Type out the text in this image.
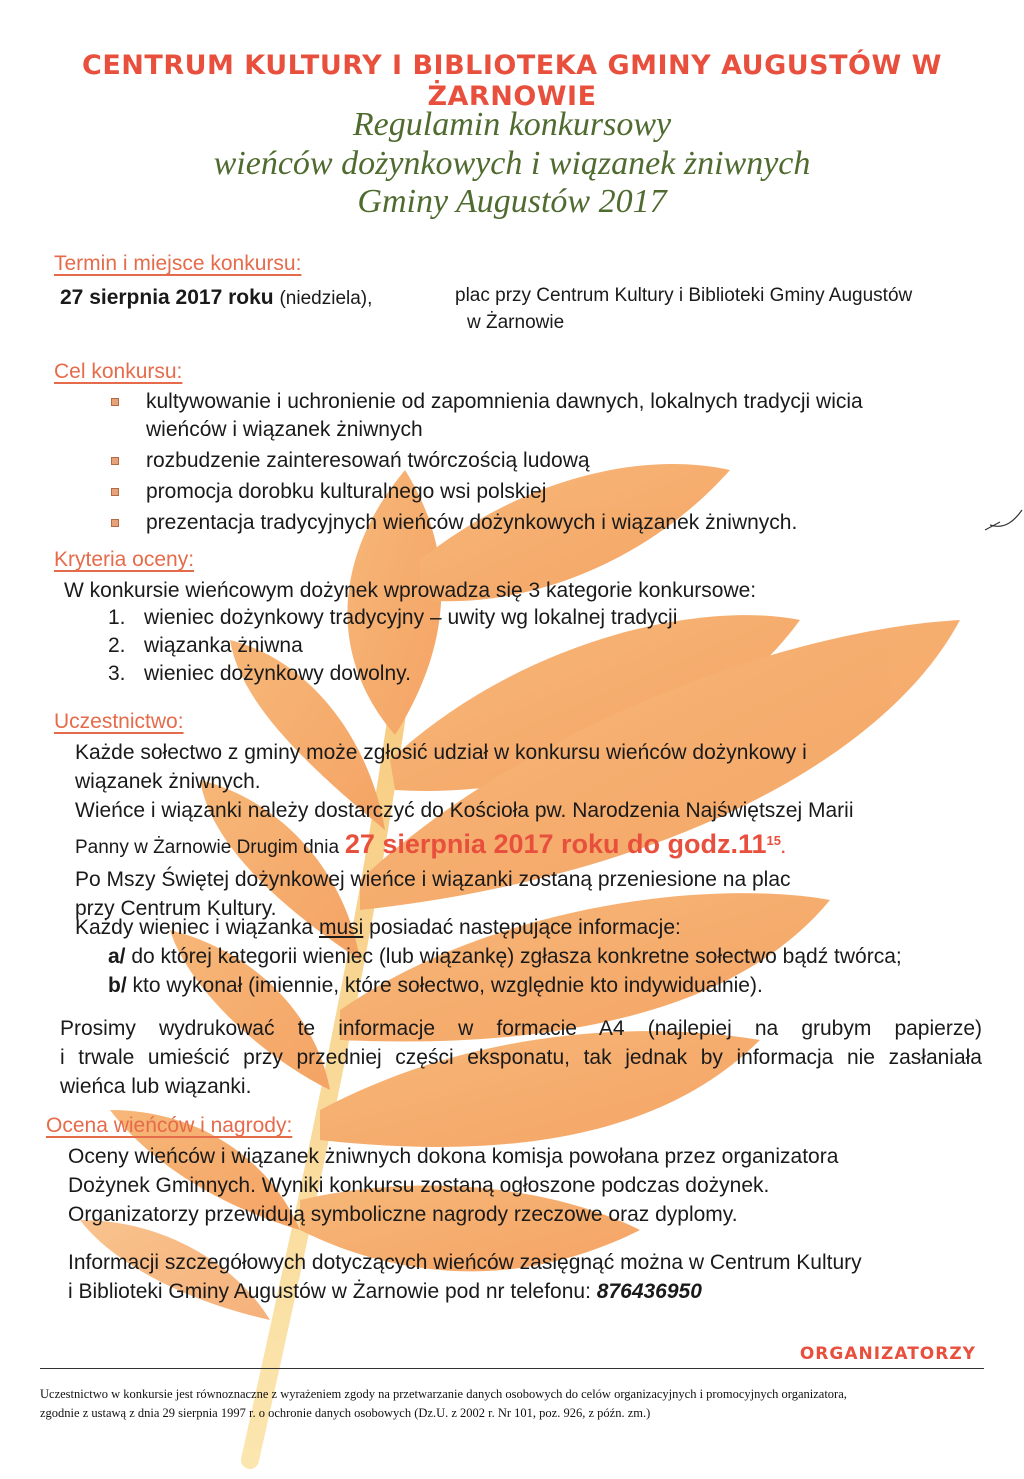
CENTRUM KULTURY I BIBLIOTEKA GMINY AUGUSTÓW W ŻARNOWIE
Regulamin konkursowy
wieńców dożynkowych i wiązanek żniwnych
Gminy Augustów 2017
Termin i miejsce konkursu:
27 sierpnia 2017 roku (niedziela),	plac przy Centrum Kultury i Biblioteki Gminy Augustów
w Żarnowie
Cel konkursu:
kultywowanie i uchronienie od zapomnienia dawnych, lokalnych tradycji wicia
wieńców i wiązanek żniwnych
rozbudzenie zainteresowań twórczością ludową
promocja dorobku kulturalnego wsi polskiej
prezentacja tradycyjnych wieńców dożynkowych i wiązanek żniwnych.
Kryteria oceny:
W konkursie wieńcowym dożynek wprowadza się 3 kategorie konkursowe:
1. wieniec dożynkowy tradycyjny – uwity wg lokalnej tradycji
2. wiązanka żniwna
3. wieniec dożynkowy dowolny.
Uczestnictwo:
Każde sołectwo z gminy może zgłosić udział w konkursu wieńców dożynkowy i
wiązanek żniwnych.
Wieńce i wiązanki należy dostarczyć do Kościoła pw. Narodzenia Najświętszej Marii
Panny w Żarnowie Drugim dnia 27 sierpnia 2017 roku do $godz.11^{15}$.
Po Mszy Świętej dożynkowej wieńce i wiązanki zostaną przeniesione na plac
przy Centrum Kultury.
Każdy wieniec i wiązanka musi posiadać następujące informacje:
a/ do której kategorii wieniec (lub wiązankę) zgłasza konkretne sołectwo bądź twórca;
b/ kto wykonał (imiennie, które sołectwo, względnie kto indywidualnie).
Prosimy wydrukować te informacje w formacie A4 (najlepiej na grubym papierze)
i trwale umieścić przy przedniej części eksponatu, tak jednak by informacja nie zasłaniała
wieńca lub wiązanki.
Ocena wieńców i nagrody:
Oceny wieńców i wiązanek żniwnych dokona komisja powołana przez organizatora
Dożynek Gminnych. Wyniki konkursu zostaną ogłoszone podczas dożynek.
Organizatorzy przewidują symboliczne nagrody rzeczowe oraz dyplomy.
Informacji szczegółowych dotyczących wieńców zasięgnąć można w Centrum Kultury
i Biblioteki Gminy Augustów w Żarnowie pod nr telefonu: 876436950
ORGANIZATORZY
Uczestnictwo w konkursie jest równoznaczne z wyrażeniem zgody na przetwarzanie danych osobowych do celów organizacyjnych i promocyjnych organizatora,
zgodnie z ustawą z dnia 29 sierpnia 1997 r. o ochronie danych osobowych (Dz.U. z 2002 r. Nr 101, poz. 926, z późn. zm.)
